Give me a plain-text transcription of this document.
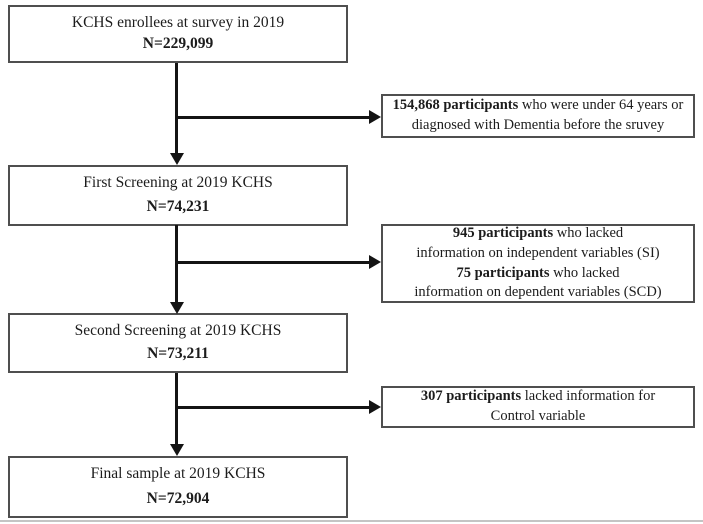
KCHS enrollees at survey in 2019
N=229,099
First Screening at 2019 KCHS
N=74,231
Second Screening at 2019 KCHS
N=73,211
Final sample at 2019 KCHS
N=72,904
154,868 participants who were under 64 years or
diagnosed with Dementia before the sruvey
945 participants who lacked
information on independent variables (SI)
75 participants who lacked
information on dependent variables (SCD)
307 participants lacked information for
Control variable
